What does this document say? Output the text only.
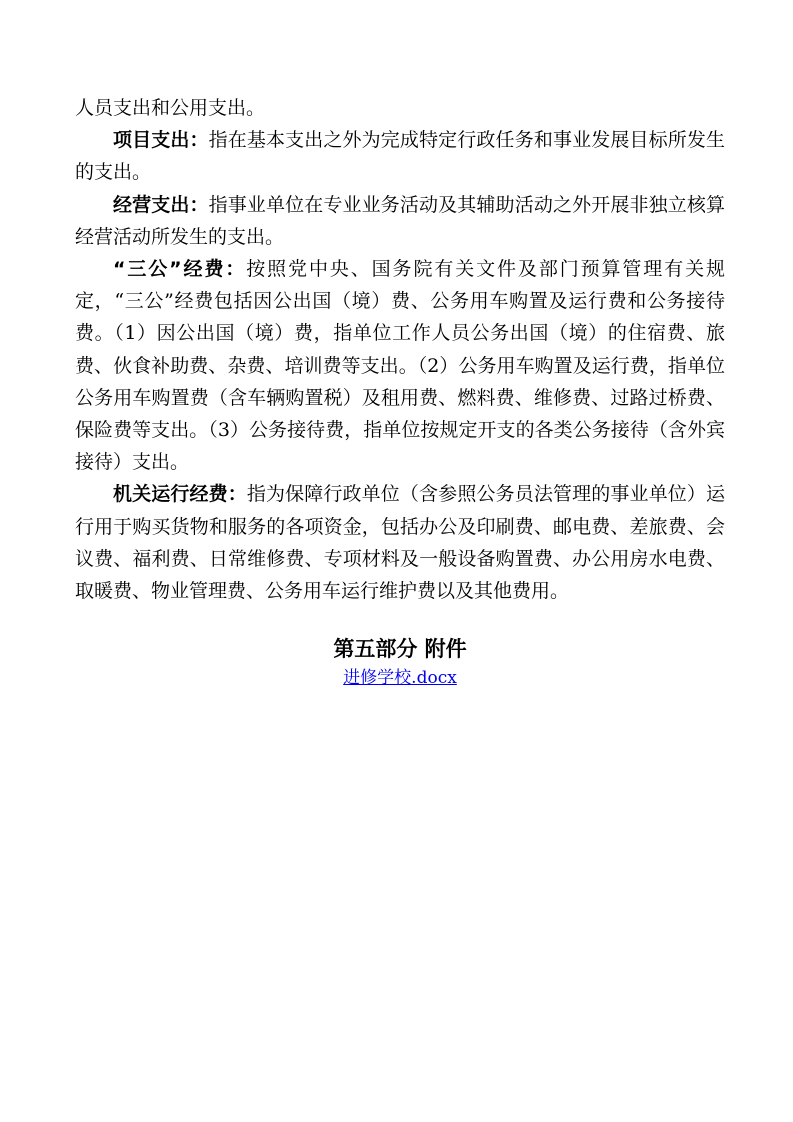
人员支出和公用支出。

项目支出：指在基本支出之外为完成特定行政任务和事业发展目标所发生的支出。

经营支出：指事业单位在专业业务活动及其辅助活动之外开展非独立核算经营活动所发生的支出。

“三公”经费：按照党中央、国务院有关文件及部门预算管理有关规定，“三公”经费包括因公出国（境）费、公务用车购置及运行费和公务接待费。（1）因公出国（境）费，指单位工作人员公务出国（境）的住宿费、旅费、伙食补助费、杂费、培训费等支出。（2）公务用车购置及运行费，指单位公务用车购置费（含车辆购置税）及租用费、燃料费、维修费、过路过桥费、保险费等支出。（3）公务接待费，指单位按规定开支的各类公务接待（含外宾接待）支出。

机关运行经费：指为保障行政单位（含参照公务员法管理的事业单位）运行用于购买货物和服务的各项资金，包括办公及印刷费、邮电费、差旅费、会议费、福利费、日常维修费、专项材料及一般设备购置费、办公用房水电费、取暖费、物业管理费、公务用车运行维护费以及其他费用。

第五部分 附件
进修学校.docx
